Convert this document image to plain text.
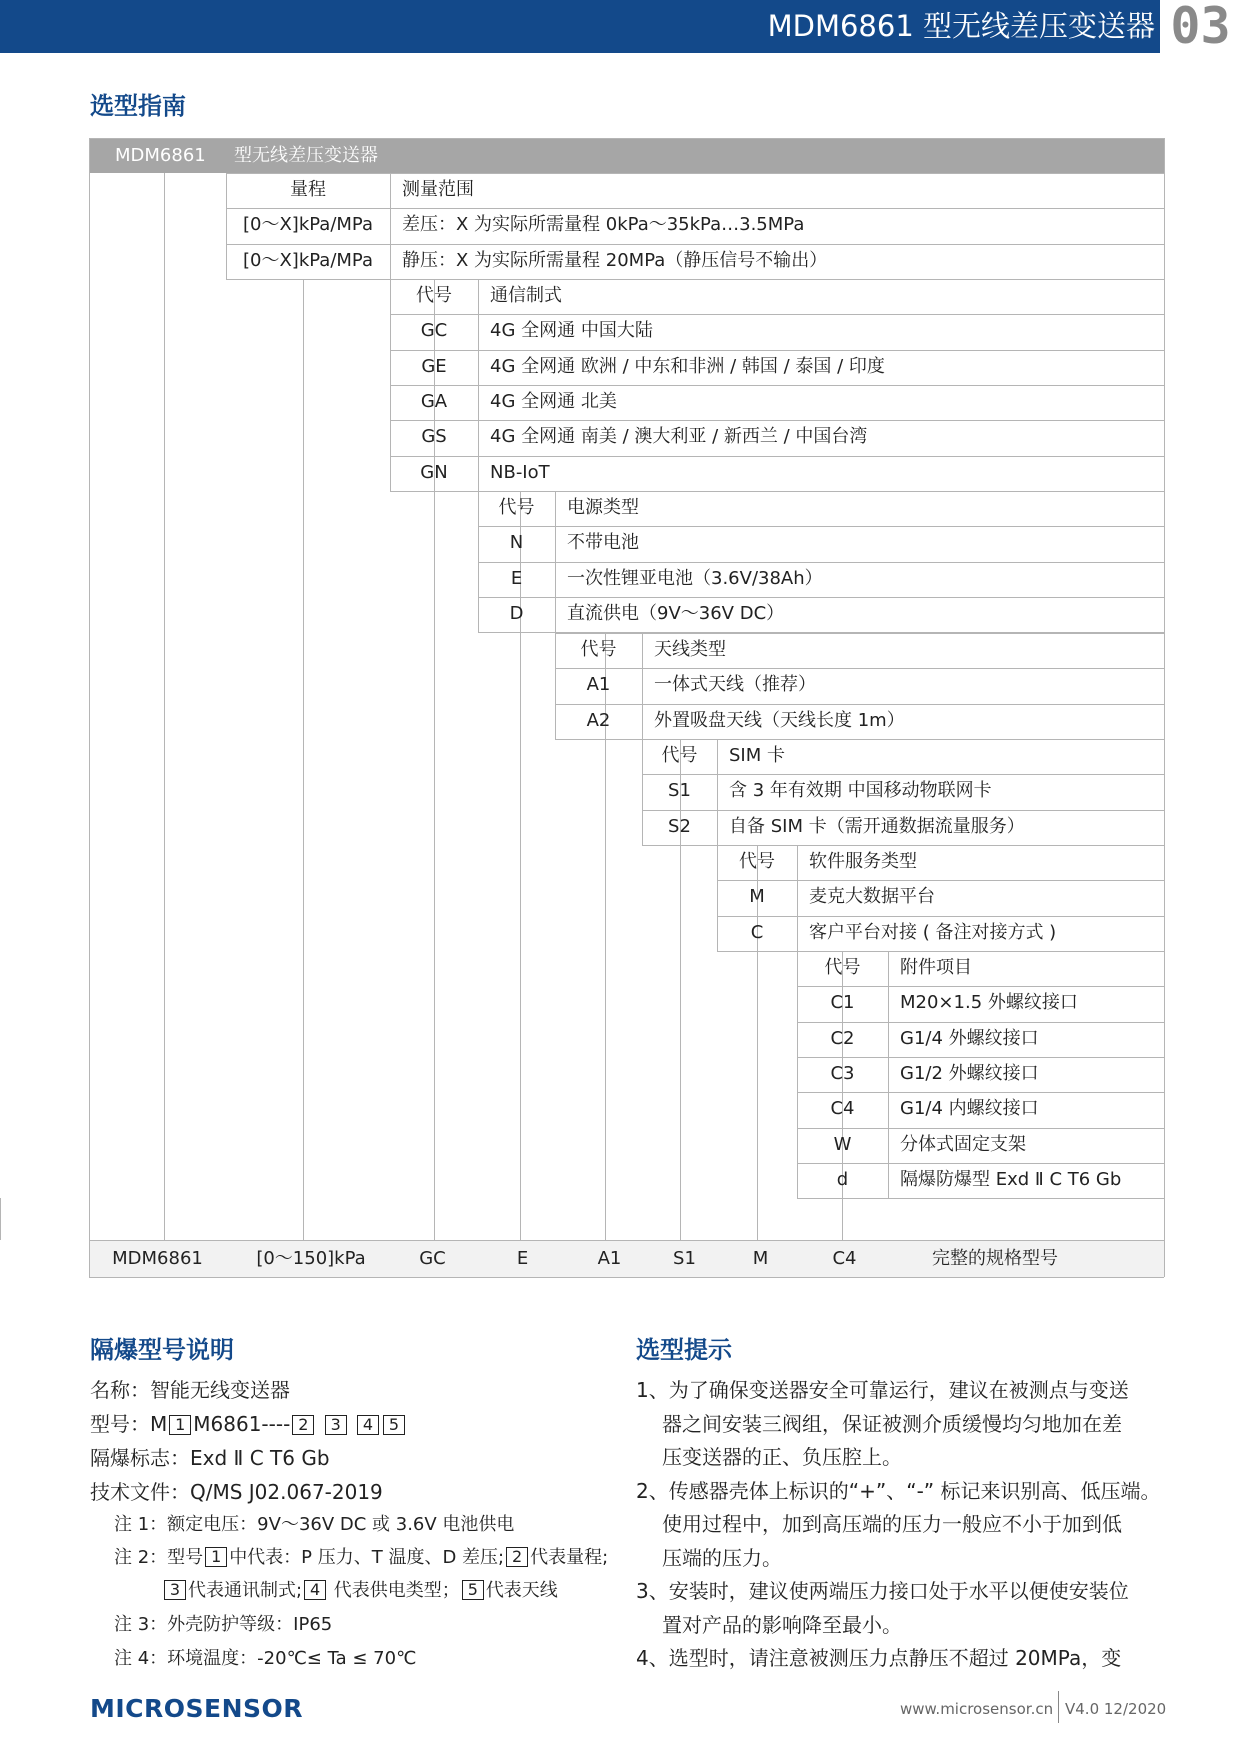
MDM6861 型无线差压变送器 03
选型指南
MDM6861 型无线差压变送器
量程	测量范围
[0～X]kPa/MPa	差压：X 为实际所需量程 0kPa～35kPa…3.5MPa
[0～X]kPa/MPa	静压：X 为实际所需量程 20MPa（静压信号不输出）
代号	通信制式
GC	4G 全网通 中国大陆
GE	4G 全网通 欧洲 / 中东和非洲 / 韩国 / 泰国 / 印度
GA	4G 全网通 北美
GS	4G 全网通 南美 / 澳大利亚 / 新西兰 / 中国台湾
GN	NB-IoT
代号	电源类型
N	不带电池
E	一次性锂亚电池（3.6V/38Ah）
D	直流供电（9V～36V DC）
代号	天线类型
A1	一体式天线（推荐）
A2	外置吸盘天线（天线长度 1m）
代号	SIM 卡
S1	含 3 年有效期 中国移动物联网卡
S2	自备 SIM 卡（需开通数据流量服务）
代号	软件服务类型
M	麦克大数据平台
C	客户平台对接 ( 备注对接方式 )
代号	附件项目
C1	M20×1.5 外螺纹接口
C2	G1/4 外螺纹接口
C3	G1/2 外螺纹接口
C4	G1/4 内螺纹接口
W	分体式固定支架
d	隔爆防爆型 Exd Ⅱ C T6 Gb
MDM6861	[0～150]kPa	GC	E	A1	S1	M	C4	完整的规格型号
隔爆型号说明
名称：智能无线变送器
型号：M 1 M6861---- 2 3 4 5
隔爆标志：Exd Ⅱ C T6 Gb
技术文件：Q/MS J02.067-2019
注 1：额定电压：9V～36V DC 或 3.6V 电池供电
注 2：型号 1 中代表：P 压力、T 温度、D 差压; 2 代表量程;
3 代表通讯制式; 4 代表供电类型； 5 代表天线
注 3：外壳防护等级：IP65
注 4：环境温度：-20℃≤ Ta ≤ 70℃
选型提示
1、为了确保变送器安全可靠运行，建议在被测点与变送
器之间安装三阀组，保证被测介质缓慢均匀地加在差
压变送器的正、负压腔上。
2、传感器壳体上标识的“+”、“-” 标记来识别高、低压端。
使用过程中，加到高压端的压力一般应不小于加到低
压端的压力。
3、安装时，建议使两端压力接口处于水平以便使安装位
置对产品的影响降至最小。
4、选型时，请注意被测压力点静压不超过 20MPa，变
MICROSENSOR	www.microsensor.cn V4.0 12/2020
